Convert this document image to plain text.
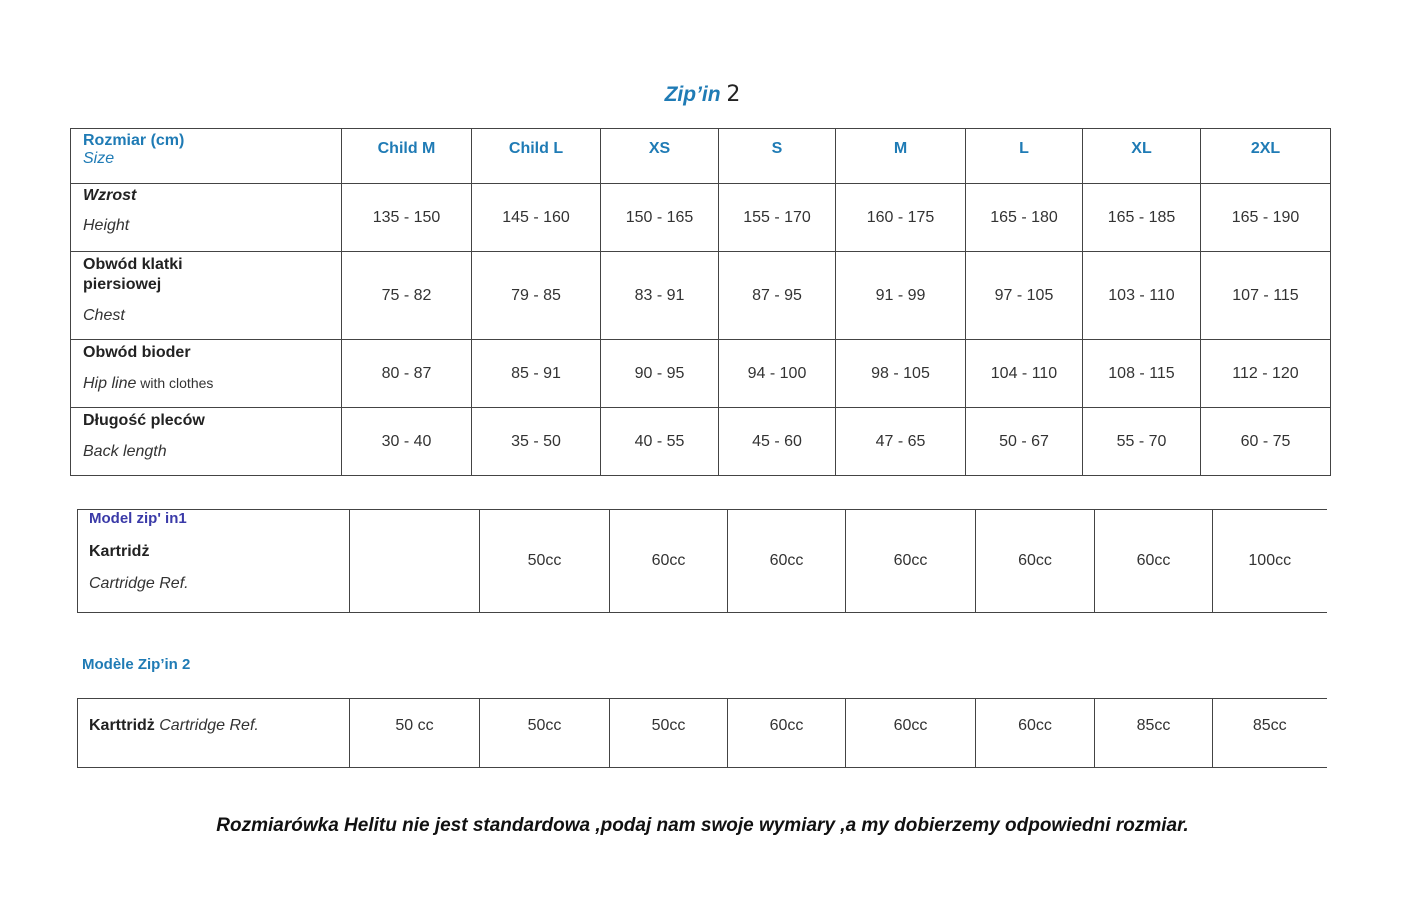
Zip’in 2
Rozmiar (cm)
Size	Child M	Child L	XS	S	M	L	XL	2XL

Wzrost
Height	135 - 150	145 - 160	150 - 165	155 - 170	160 - 175	165 - 180	165 - 185	165 - 190

Obwód klatki
piersiowej
Chest	75 - 82	79 - 85	83 - 91	87 - 95	91 - 99	97 - 105	103 - 110	107 - 115

Obwód bioder
Hip line with clothes	80 - 87	85 - 91	90 - 95	94 - 100	98 - 105	104 - 110	108 - 115	112 - 120

Długość pleców
Back length	30 - 40	35 - 50	40 - 55	45 - 60	47 - 65	50 - 67	55 - 70	60 - 75
Model zip' in1
Kartridż
Cartridge Ref.
		50cc	60cc	60cc	60cc	60cc	60cc	100cc
Modèle Zip’in 2
Karttridż Cartridge Ref.	50 cc	50cc	50cc	60cc	60cc	60cc	85cc	85cc
Rozmiarówka Helitu nie jest standardowa ,podaj nam swoje wymiary ,a my dobierzemy odpowiedni rozmiar.
